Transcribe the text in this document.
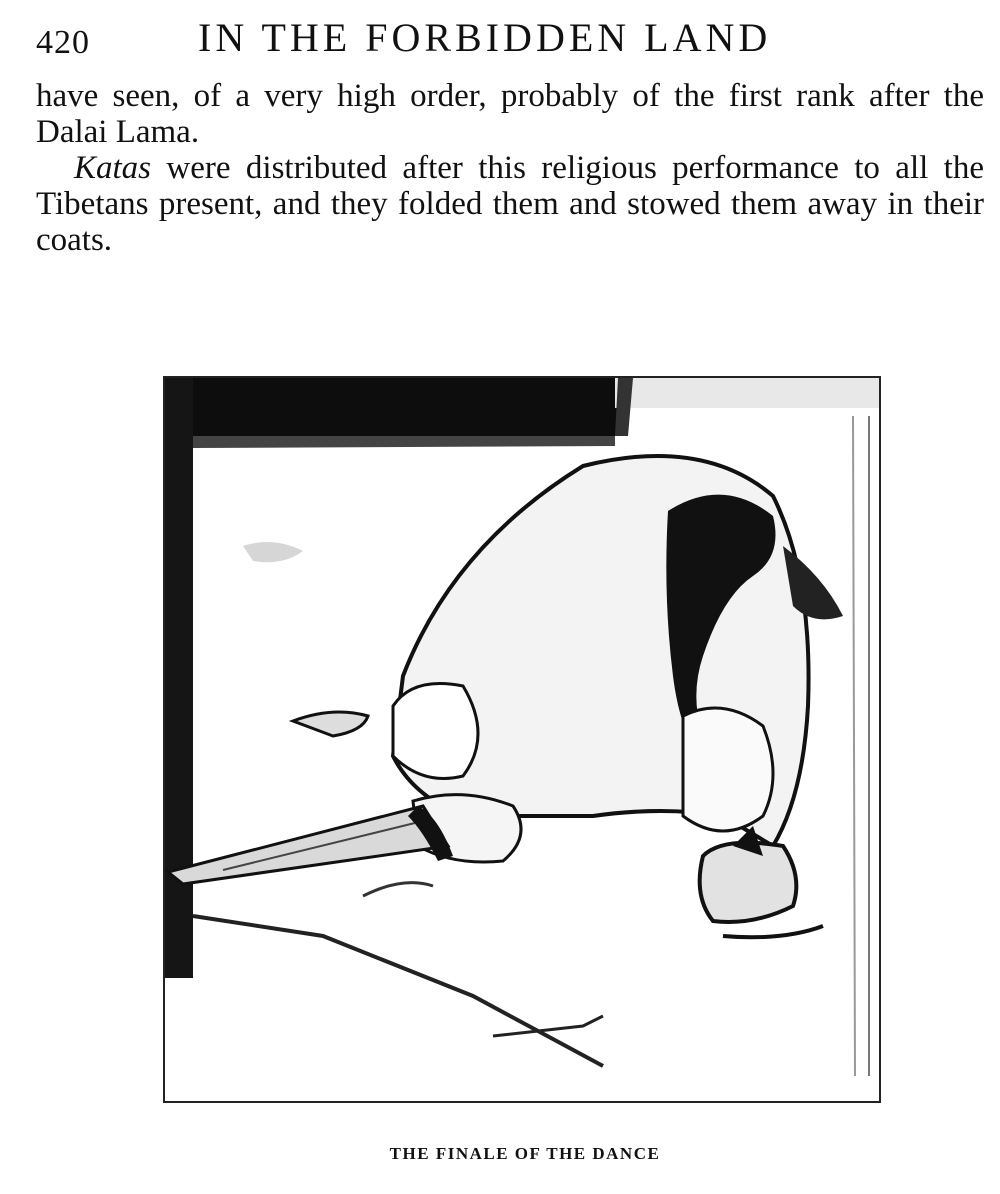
420	IN THE FORBIDDEN LAND

have seen, of a very high order, probably of the first rank after the Dalai Lama.

Katas were distributed after this religious performance to all the Tibetans present, and they folded them and stowed them away in their coats.

THE FINALE OF THE DANCE
